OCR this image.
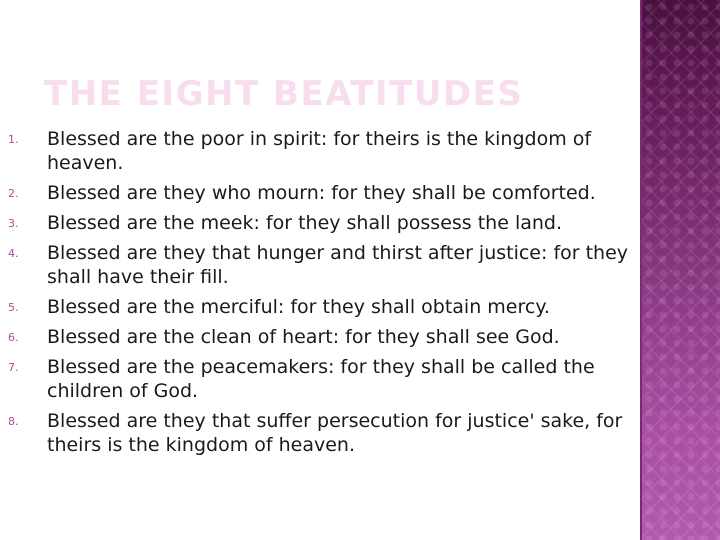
THE EIGHT BEATITUDES
1.	Blessed are the poor in spirit: for theirs is the kingdom of heaven.
2.	Blessed are they who mourn: for they shall be comforted.
3.	Blessed are the meek: for they shall possess the land.
4.	Blessed are they that hunger and thirst after justice: for they shall have their fill.
5.	Blessed are the merciful: for they shall obtain mercy.
6.	Blessed are the clean of heart: for they shall see God.
7.	Blessed are the peacemakers: for they shall be called the children of God.
8.	Blessed are they that suffer persecution for justice' sake, for theirs is the kingdom of heaven.
